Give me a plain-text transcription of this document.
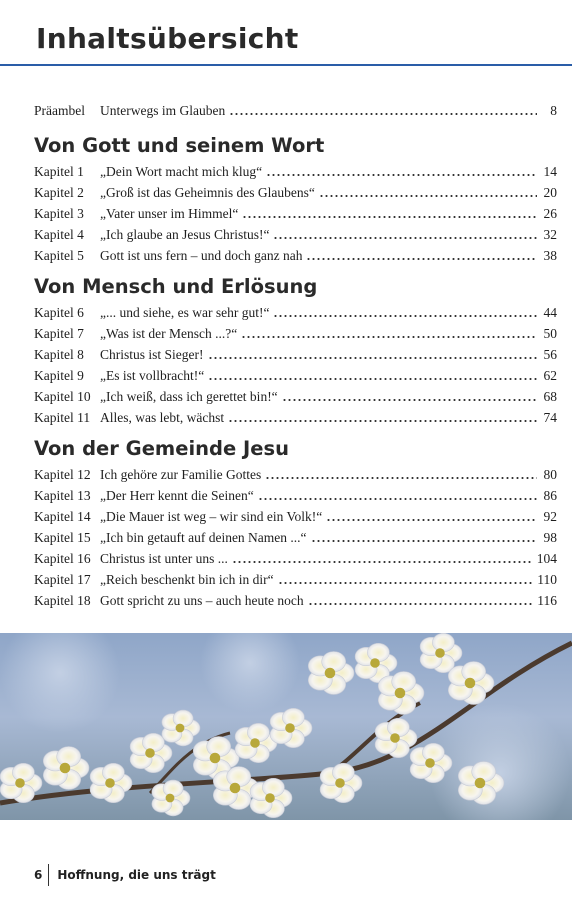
Inhaltsübersicht
Präambel	Unterwegs im Glauben	8
Von Gott und seinem Wort
Kapitel 1	„Dein Wort macht mich klug“	14
Kapitel 2	„Groß ist das Geheimnis des Glaubens“	20
Kapitel 3	„Vater unser im Himmel“	26
Kapitel 4	„Ich glaube an Jesus Christus!“	32
Kapitel 5	Gott ist uns fern – und doch ganz nah	38
Von Mensch und Erlösung
Kapitel 6	„... und siehe, es war sehr gut!“	44
Kapitel 7	„Was ist der Mensch ...?“	50
Kapitel 8	Christus ist Sieger!	56
Kapitel 9	„Es ist vollbracht!“	62
Kapitel 10 „Ich weiß, dass ich gerettet bin!“	68
Kapitel 11 Alles, was lebt, wächst	74
Von der Gemeinde Jesu
Kapitel 12 Ich gehöre zur Familie Gottes	80
Kapitel 13 „Der Herr kennt die Seinen“	86
Kapitel 14 „Die Mauer ist weg – wir sind ein Volk!“	92
Kapitel 15 „Ich bin getauft auf deinen Namen ...“	98
Kapitel 16 Christus ist unter uns ...	104
Kapitel 17 „Reich beschenkt bin ich in dir“	110
Kapitel 18 Gott spricht zu uns – auch heute noch	116
6 Hoffnung, die uns trägt
